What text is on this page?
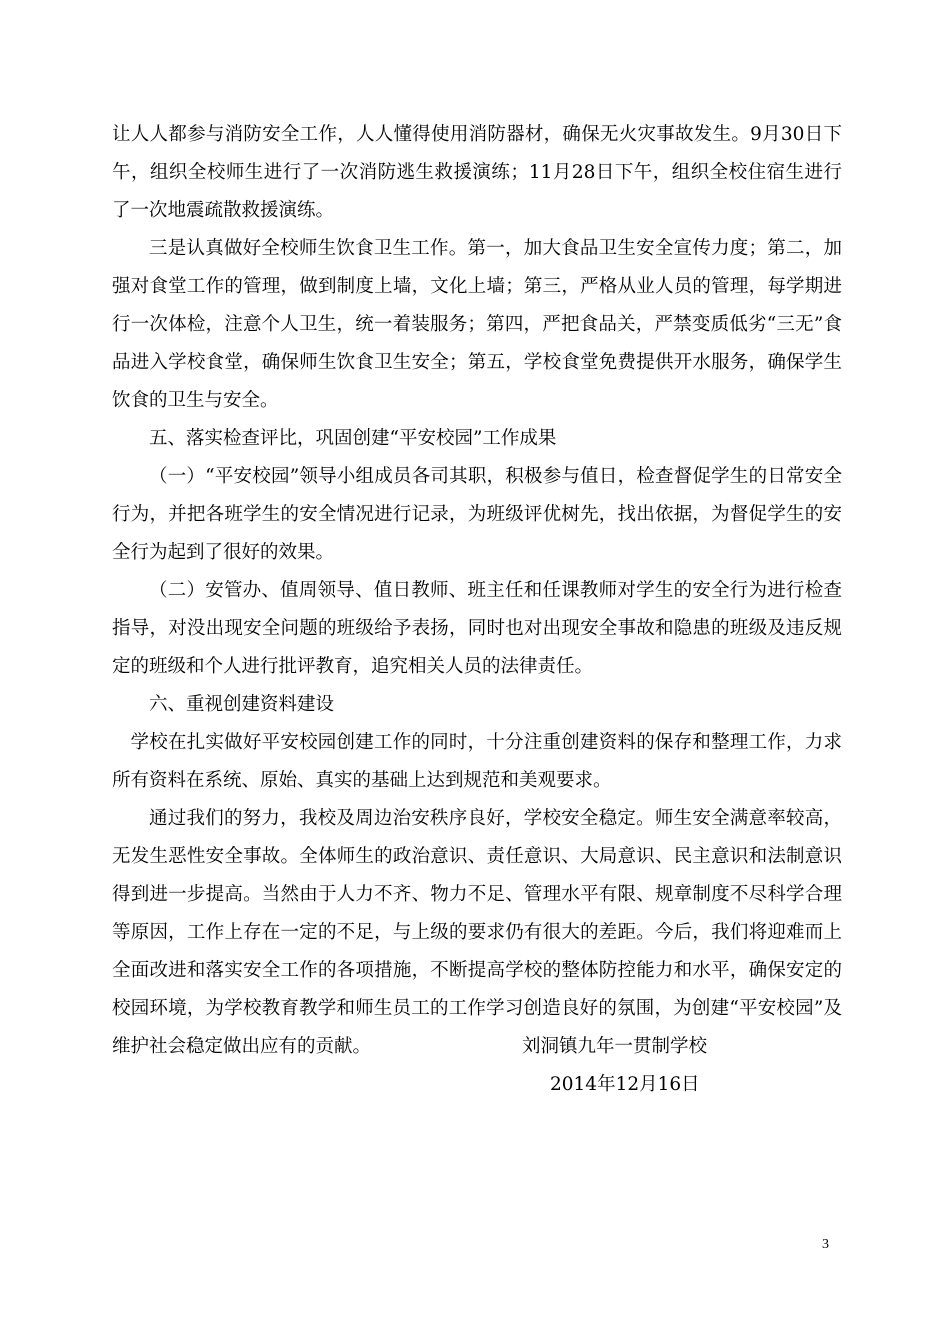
让人人都参与消防安全工作，人人懂得使用消防器材，确保无火灾事故发生。9月30日下午，组织全校师生进行了一次消防逃生救援演练；11月28日下午，组织全校住宿生进行了一次地震疏散救援演练。

三是认真做好全校师生饮食卫生工作。第一，加大食品卫生安全宣传力度；第二，加强对食堂工作的管理，做到制度上墙，文化上墙；第三，严格从业人员的管理，每学期进行一次体检，注意个人卫生，统一着装服务；第四，严把食品关，严禁变质低劣“三无”食品进入学校食堂，确保师生饮食卫生安全；第五，学校食堂免费提供开水服务，确保学生饮食的卫生与安全。

五、落实检查评比，巩固创建“平安校园”工作成果

（一）“平安校园”领导小组成员各司其职，积极参与值日，检查督促学生的日常安全行为，并把各班学生的安全情况进行记录，为班级评优树先，找出依据，为督促学生的安全行为起到了很好的效果。

（二）安管办、值周领导、值日教师、班主任和任课教师对学生的安全行为进行检查指导，对没出现安全问题的班级给予表扬，同时也对出现安全事故和隐患的班级及违反规定的班级和个人进行批评教育，追究相关人员的法律责任。

六、重视创建资料建设

学校在扎实做好平安校园创建工作的同时，十分注重创建资料的保存和整理工作，力求所有资料在系统、原始、真实的基础上达到规范和美观要求。

通过我们的努力，我校及周边治安秩序良好，学校安全稳定。师生安全满意率较高，无发生恶性安全事故。全体师生的政治意识、责任意识、大局意识、民主意识和法制意识得到进一步提高。当然由于人力不齐、物力不足、管理水平有限、规章制度不尽科学合理等原因，工作上存在一定的不足，与上级的要求仍有很大的差距。今后，我们将迎难而上全面改进和落实安全工作的各项措施，不断提高学校的整体防控能力和水平，确保安定的校园环境，为学校教育教学和师生员工的工作学习创造良好的氛围，为创建“平安校园”及维护社会稳定做出应有的贡献。	刘洞镇九年一贯制学校
2014年12月16日
3
